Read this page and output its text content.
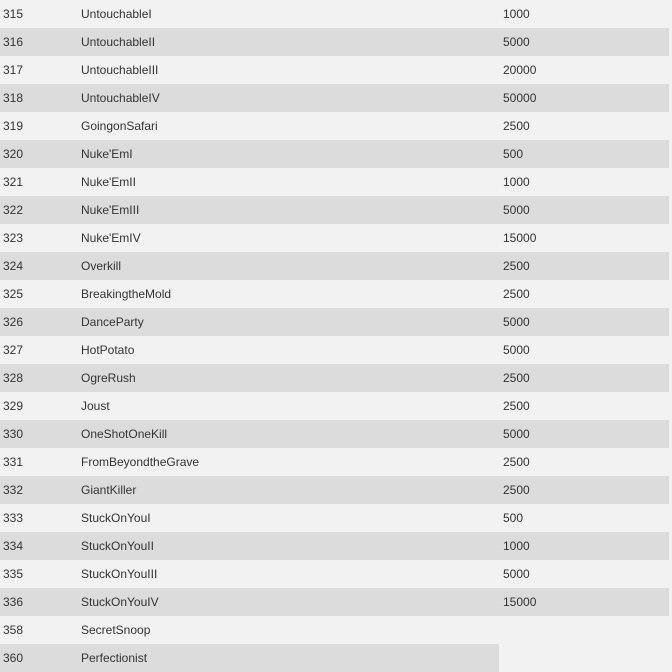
315	UntouchableI	1000
316	UntouchableII	5000
317	UntouchableIII	20000
318	UntouchableIV	50000
319	GoingonSafari	2500
320	Nuke'EmI	500
321	Nuke'EmII	1000
322	Nuke'EmIII	5000
323	Nuke'EmIV	15000
324	Overkill	2500
325	BreakingtheMold	2500
326	DanceParty	5000
327	HotPotato	5000
328	OgreRush	2500
329	Joust	2500
330	OneShotOneKill	5000
331	FromBeyondtheGrave	2500
332	GiantKiller	2500
333	StuckOnYouI	500
334	StuckOnYouII	1000
335	StuckOnYouIII	5000
336	StuckOnYouIV	15000
358	SecretSnoop
360	Perfectionist
